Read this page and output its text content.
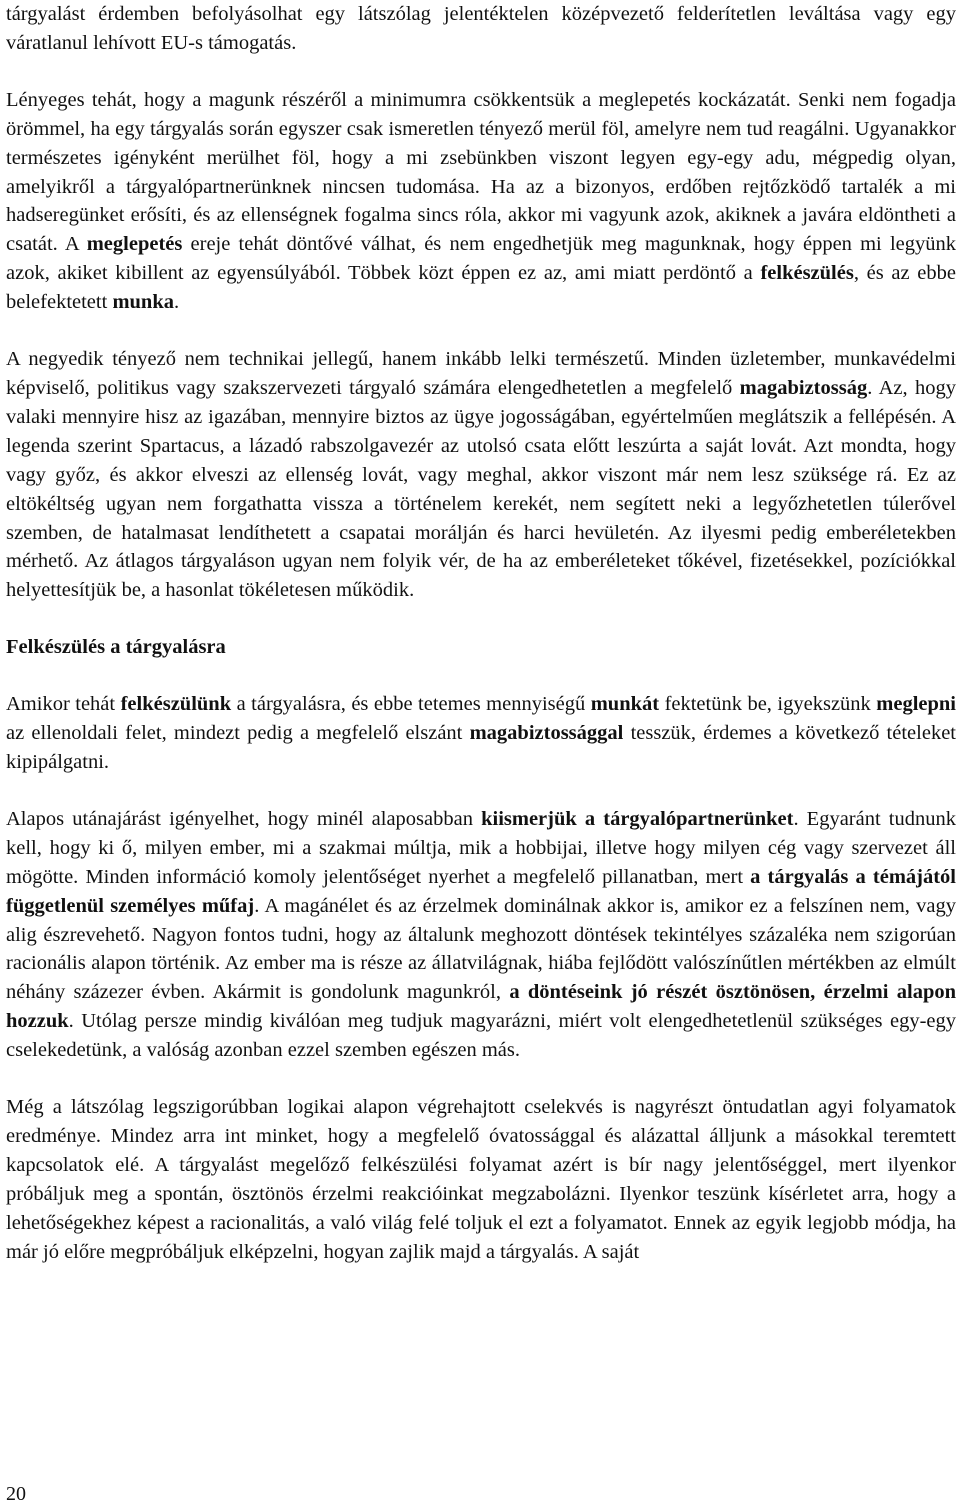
tárgyalást érdemben befolyásolhat egy látszólag jelentéktelen középvezető felderítetlen leváltása vagy egy váratlanul lehívott EU-s támogatás.

Lényeges tehát, hogy a magunk részéről a minimumra csökkentsük a meglepetés kockázatát. Senki nem fogadja örömmel, ha egy tárgyalás során egyszer csak ismeretlen tényező merül föl, amelyre nem tud reagálni. Ugyanakkor természetes igényként merülhet föl, hogy a mi zsebünkben viszont legyen egy-egy adu, mégpedig olyan, amelyikről a tárgyalópartnerünknek nincsen tudomása. Ha az a bizonyos, erdőben rejtőzködő tartalék a mi hadseregünket erősíti, és az ellenségnek fogalma sincs róla, akkor mi vagyunk azok, akiknek a javára eldöntheti a csatát. A meglepetés ereje tehát döntővé válhat, és nem engedhetjük meg magunknak, hogy éppen mi legyünk azok, akiket kibillent az egyensúlyából. Többek közt éppen ez az, ami miatt perdöntő a felkészülés, és az ebbe belefektetett munka.

A negyedik tényező nem technikai jellegű, hanem inkább lelki természetű. Minden üzletember, munkavédelmi képviselő, politikus vagy szakszervezeti tárgyaló számára elengedhetetlen a megfelelő magabiztosság. Az, hogy valaki mennyire hisz az igazában, mennyire biztos az ügye jogosságában, egyértelműen meglátszik a fellépésén. A legenda szerint Spartacus, a lázadó rabszolgavezér az utolsó csata előtt leszúrta a saját lovát. Azt mondta, hogy vagy győz, és akkor elveszi az ellenség lovát, vagy meghal, akkor viszont már nem lesz szüksége rá. Ez az eltökéltség ugyan nem forgathatta vissza a történelem kerekét, nem segített neki a legyőzhetetlen túlerővel szemben, de hatalmasat lendíthetett a csapatai morálján és harci hevületén. Az ilyesmi pedig emberéletekben mérhető. Az átlagos tárgyaláson ugyan nem folyik vér, de ha az emberéleteket tőkével, fizetésekkel, pozíciókkal helyettesítjük be, a hasonlat tökéletesen működik.

Felkészülés a tárgyalásra

Amikor tehát felkészülünk a tárgyalásra, és ebbe tetemes mennyiségű munkát fektetünk be, igyekszünk meglepni az ellenoldali felet, mindezt pedig a megfelelő elszánt magabiztossággal tesszük, érdemes a következő tételeket kipipálgatni.

Alapos utánajárást igényelhet, hogy minél alaposabban kiismerjük a tárgyalópartnerünket. Egyaránt tudnunk kell, hogy ki ő, milyen ember, mi a szakmai múltja, mik a hobbijai, illetve hogy milyen cég vagy szervezet áll mögötte. Minden információ komoly jelentőséget nyerhet a megfelelő pillanatban, mert a tárgyalás a témájától függetlenül személyes műfaj. A magánélet és az érzelmek dominálnak akkor is, amikor ez a felszínen nem, vagy alig észrevehető. Nagyon fontos tudni, hogy az általunk meghozott döntések tekintélyes százaléka nem szigorúan racionális alapon történik. Az ember ma is része az állatvilágnak, hiába fejlődött valószínűtlen mértékben az elmúlt néhány százezer évben. Akármit is gondolunk magunkról, a döntéseink jó részét ösztönösen, érzelmi alapon hozzuk. Utólag persze mindig kiválóan meg tudjuk magyarázni, miért volt elengedhetetlenül szükséges egy-egy cselekedetünk, a valóság azonban ezzel szemben egészen más.

Még a látszólag legszigorúbban logikai alapon végrehajtott cselekvés is nagyrészt öntudatlan agyi folyamatok eredménye. Mindez arra int minket, hogy a megfelelő óvatossággal és alázattal álljunk a másokkal teremtett kapcsolatok elé. A tárgyalást megelőző felkészülési folyamat azért is bír nagy jelentőséggel, mert ilyenkor próbáljuk meg a spontán, ösztönös érzelmi reakcióinkat megzabolázni. Ilyenkor teszünk kísérletet arra, hogy a lehetőségekhez képest a racionalitás, a való világ felé toljuk el ezt a folyamatot. Ennek az egyik legjobb módja, ha már jó előre megpróbáljuk elképzelni, hogyan zajlik majd a tárgyalás. A saját

20
